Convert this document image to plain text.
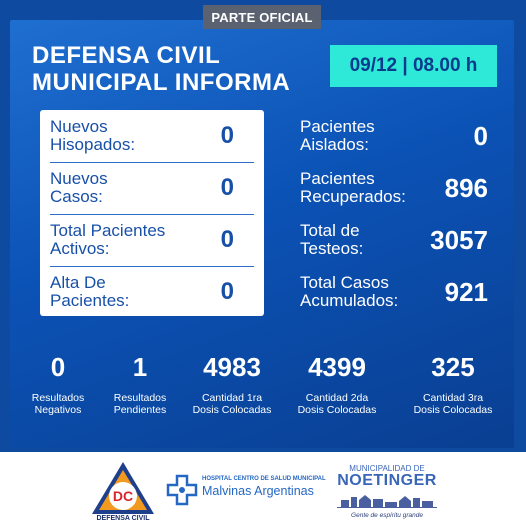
PARTE OFICIAL
DEFENSA CIVIL
MUNICIPAL INFORMA
09/12 | 08.00 h
Nuevos
Hisopados:	0
Nuevos
Casos:	0
Total Pacientes
Activos:	0
Alta De
Pacientes:	0
Pacientes
Aislados:	0
Pacientes
Recuperados: 896
Total de
Testeos:	3057
Total Casos
Acumulados: 921
0
Resultados
Negativos
1
Resultados
Pendientes
4983
Cantidad 1ra
Dosis Colocadas
4399
Cantidad 2da
Dosis Colocadas
325
Cantidad 3ra
Dosis Colocadas
DC
DEFENSA CIVIL
HOSPITAL CENTRO DE SALUD MUNICIPAL
Malvinas Argentinas
MUNICIPALIDAD DE
NOETINGER
Gente de espíritu grande
